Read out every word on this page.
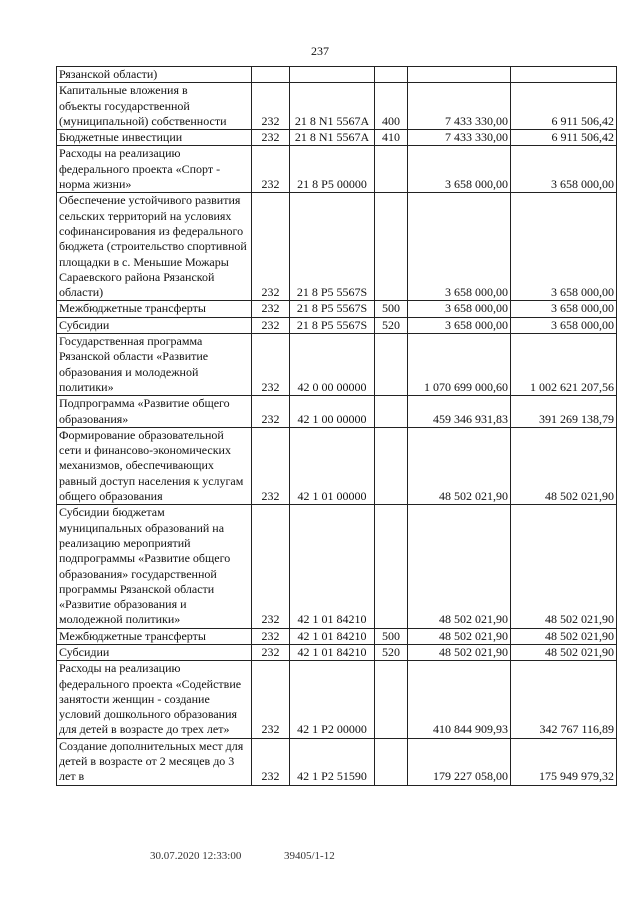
237
Рязанской области)					

Капитальные вложения в объекты государственной (муниципальной) собственности	232	21 8 N1 5567A	400	7 433 330,00	6 911 506,42

Бюджетные инвестиции	232	21 8 N1 5567A	410	7 433 330,00	6 911 506,42

Расходы на реализацию федерального проекта «Спорт - норма жизни»	232	21 8 P5 00000		3 658 000,00	3 658 000,00

Обеспечение устойчивого развития сельских территорий на условиях софинансирования из федерального бюджета (строительство спортивной площадки в с. Меньшие Можары Сараевского района Рязанской области)	232	21 8 P5 5567S		3 658 000,00	3 658 000,00

Межбюджетные трансферты	232	21 8 P5 5567S	500	3 658 000,00	3 658 000,00

Субсидии	232	21 8 P5 5567S	520	3 658 000,00	3 658 000,00

Государственная программа Рязанской области «Развитие образования и молодежной политики»	232	42 0 00 00000		1 070 699 000,60	1 002 621 207,56

Подпрограмма «Развитие общего образования»	232	42 1 00 00000		459 346 931,83	391 269 138,79

Формирование образовательной сети и финансово-экономических механизмов, обеспечивающих равный доступ населения к услугам общего образования	232	42 1 01 00000		48 502 021,90	48 502 021,90

Субсидии бюджетам муниципальных образований на реализацию мероприятий подпрограммы «Развитие общего образования» государственной программы Рязанской области «Развитие образования и молодежной политики»	232	42 1 01 84210		48 502 021,90	48 502 021,90

Межбюджетные трансферты	232	42 1 01 84210	500	48 502 021,90	48 502 021,90

Субсидии	232	42 1 01 84210	520	48 502 021,90	48 502 021,90

Расходы на реализацию федерального проекта «Содействие занятости женщин - создание условий дошкольного образования для детей в возрасте до трех лет»	232	42 1 P2 00000		410 844 909,93	342 767 116,89

Создание дополнительных мест для детей в возрасте от 2 месяцев до 3 лет в	232	42 1 P2 51590		179 227 058,00	175 949 979,32
30.07.2020 12:33:00	39405/1-12
